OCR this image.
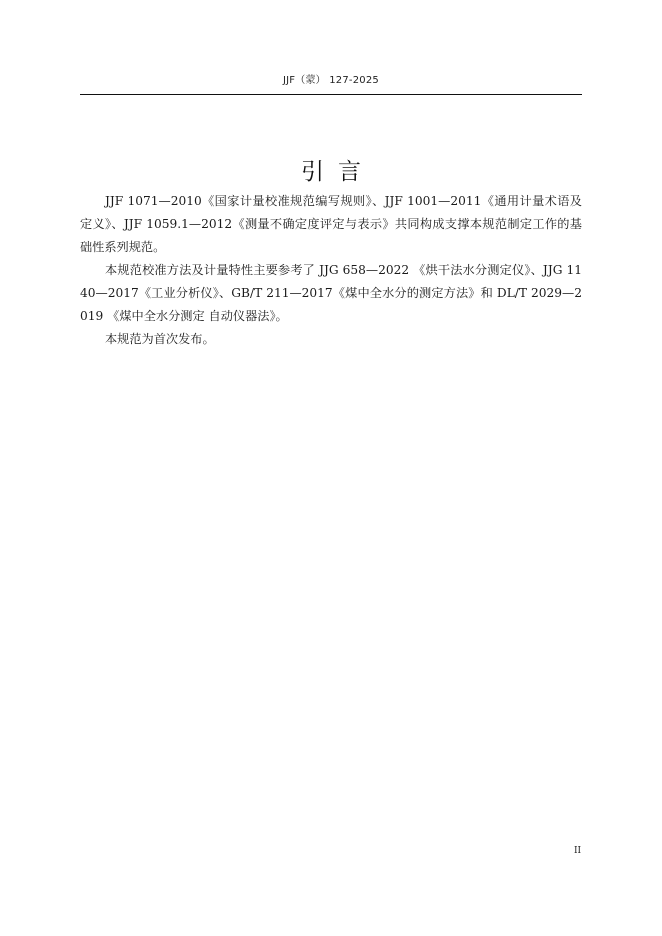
JJF（蒙） 127-2025
引言

JJF 1071—2010《国家计量校准规范编写规则》、JJF 1001—2011《通用计量术语及定义》、JJF 1059.1—2012《测量不确定度评定与表示》共同构成支撑本规范制定工作的基础性系列规范。

本规范校准方法及计量特性主要参考了 JJG 658—2022 《烘干法水分测定仪》、JJG 1140—2017《工业分析仪》、GB/T 211—2017《煤中全水分的测定方法》和 DL/T 2029—2019 《煤中全水分测定 自动仪器法》。

本规范为首次发布。

II
